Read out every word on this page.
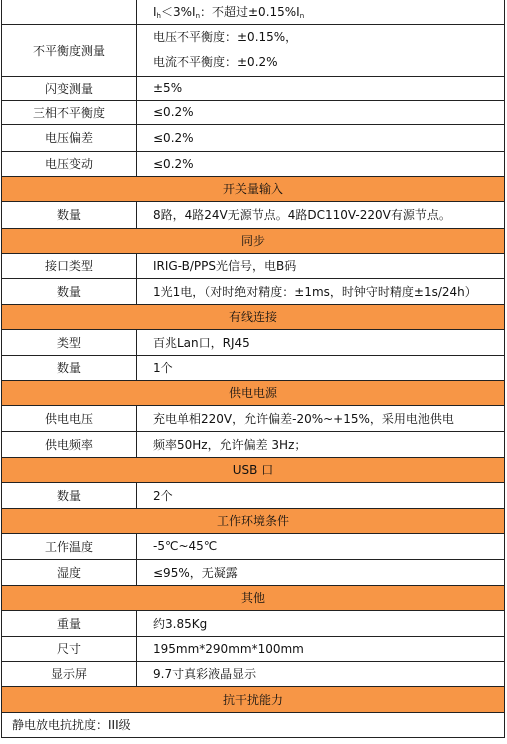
	$I_h<3\%I_n$：不超过$\pm 0.15\%I_n$
不平衡度测量	电压不平衡度：±0.15%，
电流不平衡度：±0.2%

闪变测量	±5%
三相不平衡度	≤0.2%
电压偏差	≤0.2%
电压变动	≤0.2%
开关量输入	
数量	8路，4路24V无源节点。4路DC110V-220V有源节点。
同步	
接口类型	IRIG-B/PPS光信号，电B码
数量	1光1电，（对时绝对精度：±1ms，时钟守时精度±1s/24h）
有线连接	
类型	百兆Lan口，RJ45
数量	1个
供电电源	
供电电压	充电单相220V，允许偏差-20%~+15%，采用电池供电
供电频率	频率50Hz，允许偏差 3Hz；
USB 口	
数量	2个
工作环境条件	
工作温度	-5℃~45℃
湿度	≤95%，无凝露
其他	
重量	约3.85Kg
尺寸	195mm*290mm*100mm
显示屏	9.7寸真彩液晶显示
抗干扰能力	
静电放电抗扰度：III级	
